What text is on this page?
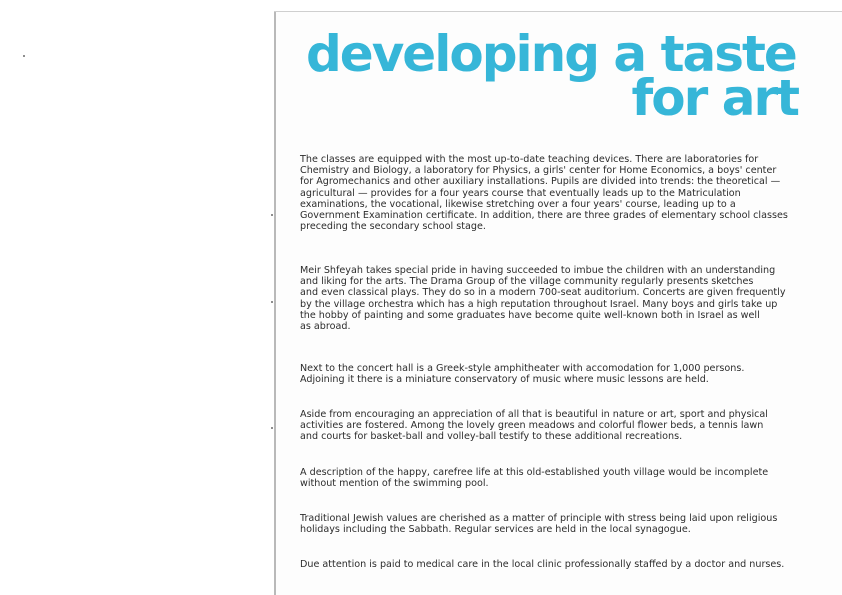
developing a taste
for art

The classes are equipped with the most up-to-date teaching devices. There are laboratories for

Chemistry and Biology, a laboratory for Physics, a girls' center for Home Economics, a boys' center

for Agromechanics and other auxiliary installations. Pupils are divided into trends: the theoretical —

agricultural — provides for a four years course that eventually leads up to the Matriculation

examinations, the vocational, likewise stretching over a four years' course, leading up to a

Government Examination certificate. In addition, there are three grades of elementary school classes

preceding the secondary school stage.

Meir Shfeyah takes special pride in having succeeded to imbue the children with an understanding

and liking for the arts. The Drama Group of the village community regularly presents sketches

and even classical plays. They do so in a modern 700-seat auditorium. Concerts are given frequently

by the village orchestra which has a high reputation throughout Israel. Many boys and girls take up

the hobby of painting and some graduates have become quite well-known both in Israel as well

as abroad.

Next to the concert hall is a Greek-style amphitheater with accomodation for 1,000 persons.

Adjoining it there is a miniature conservatory of music where music lessons are held.

Aside from encouraging an appreciation of all that is beautiful in nature or art, sport and physical

activities are fostered. Among the lovely green meadows and colorful flower beds, a tennis lawn

and courts for basket-ball and volley-ball testify to these additional recreations.

A description of the happy, carefree life at this old-established youth village would be incomplete

without mention of the swimming pool.

Traditional Jewish values are cherished as a matter of principle with stress being laid upon religious

holidays including the Sabbath. Regular services are held in the local synagogue.

Due attention is paid to medical care in the local clinic professionally staffed by a doctor and nurses.
